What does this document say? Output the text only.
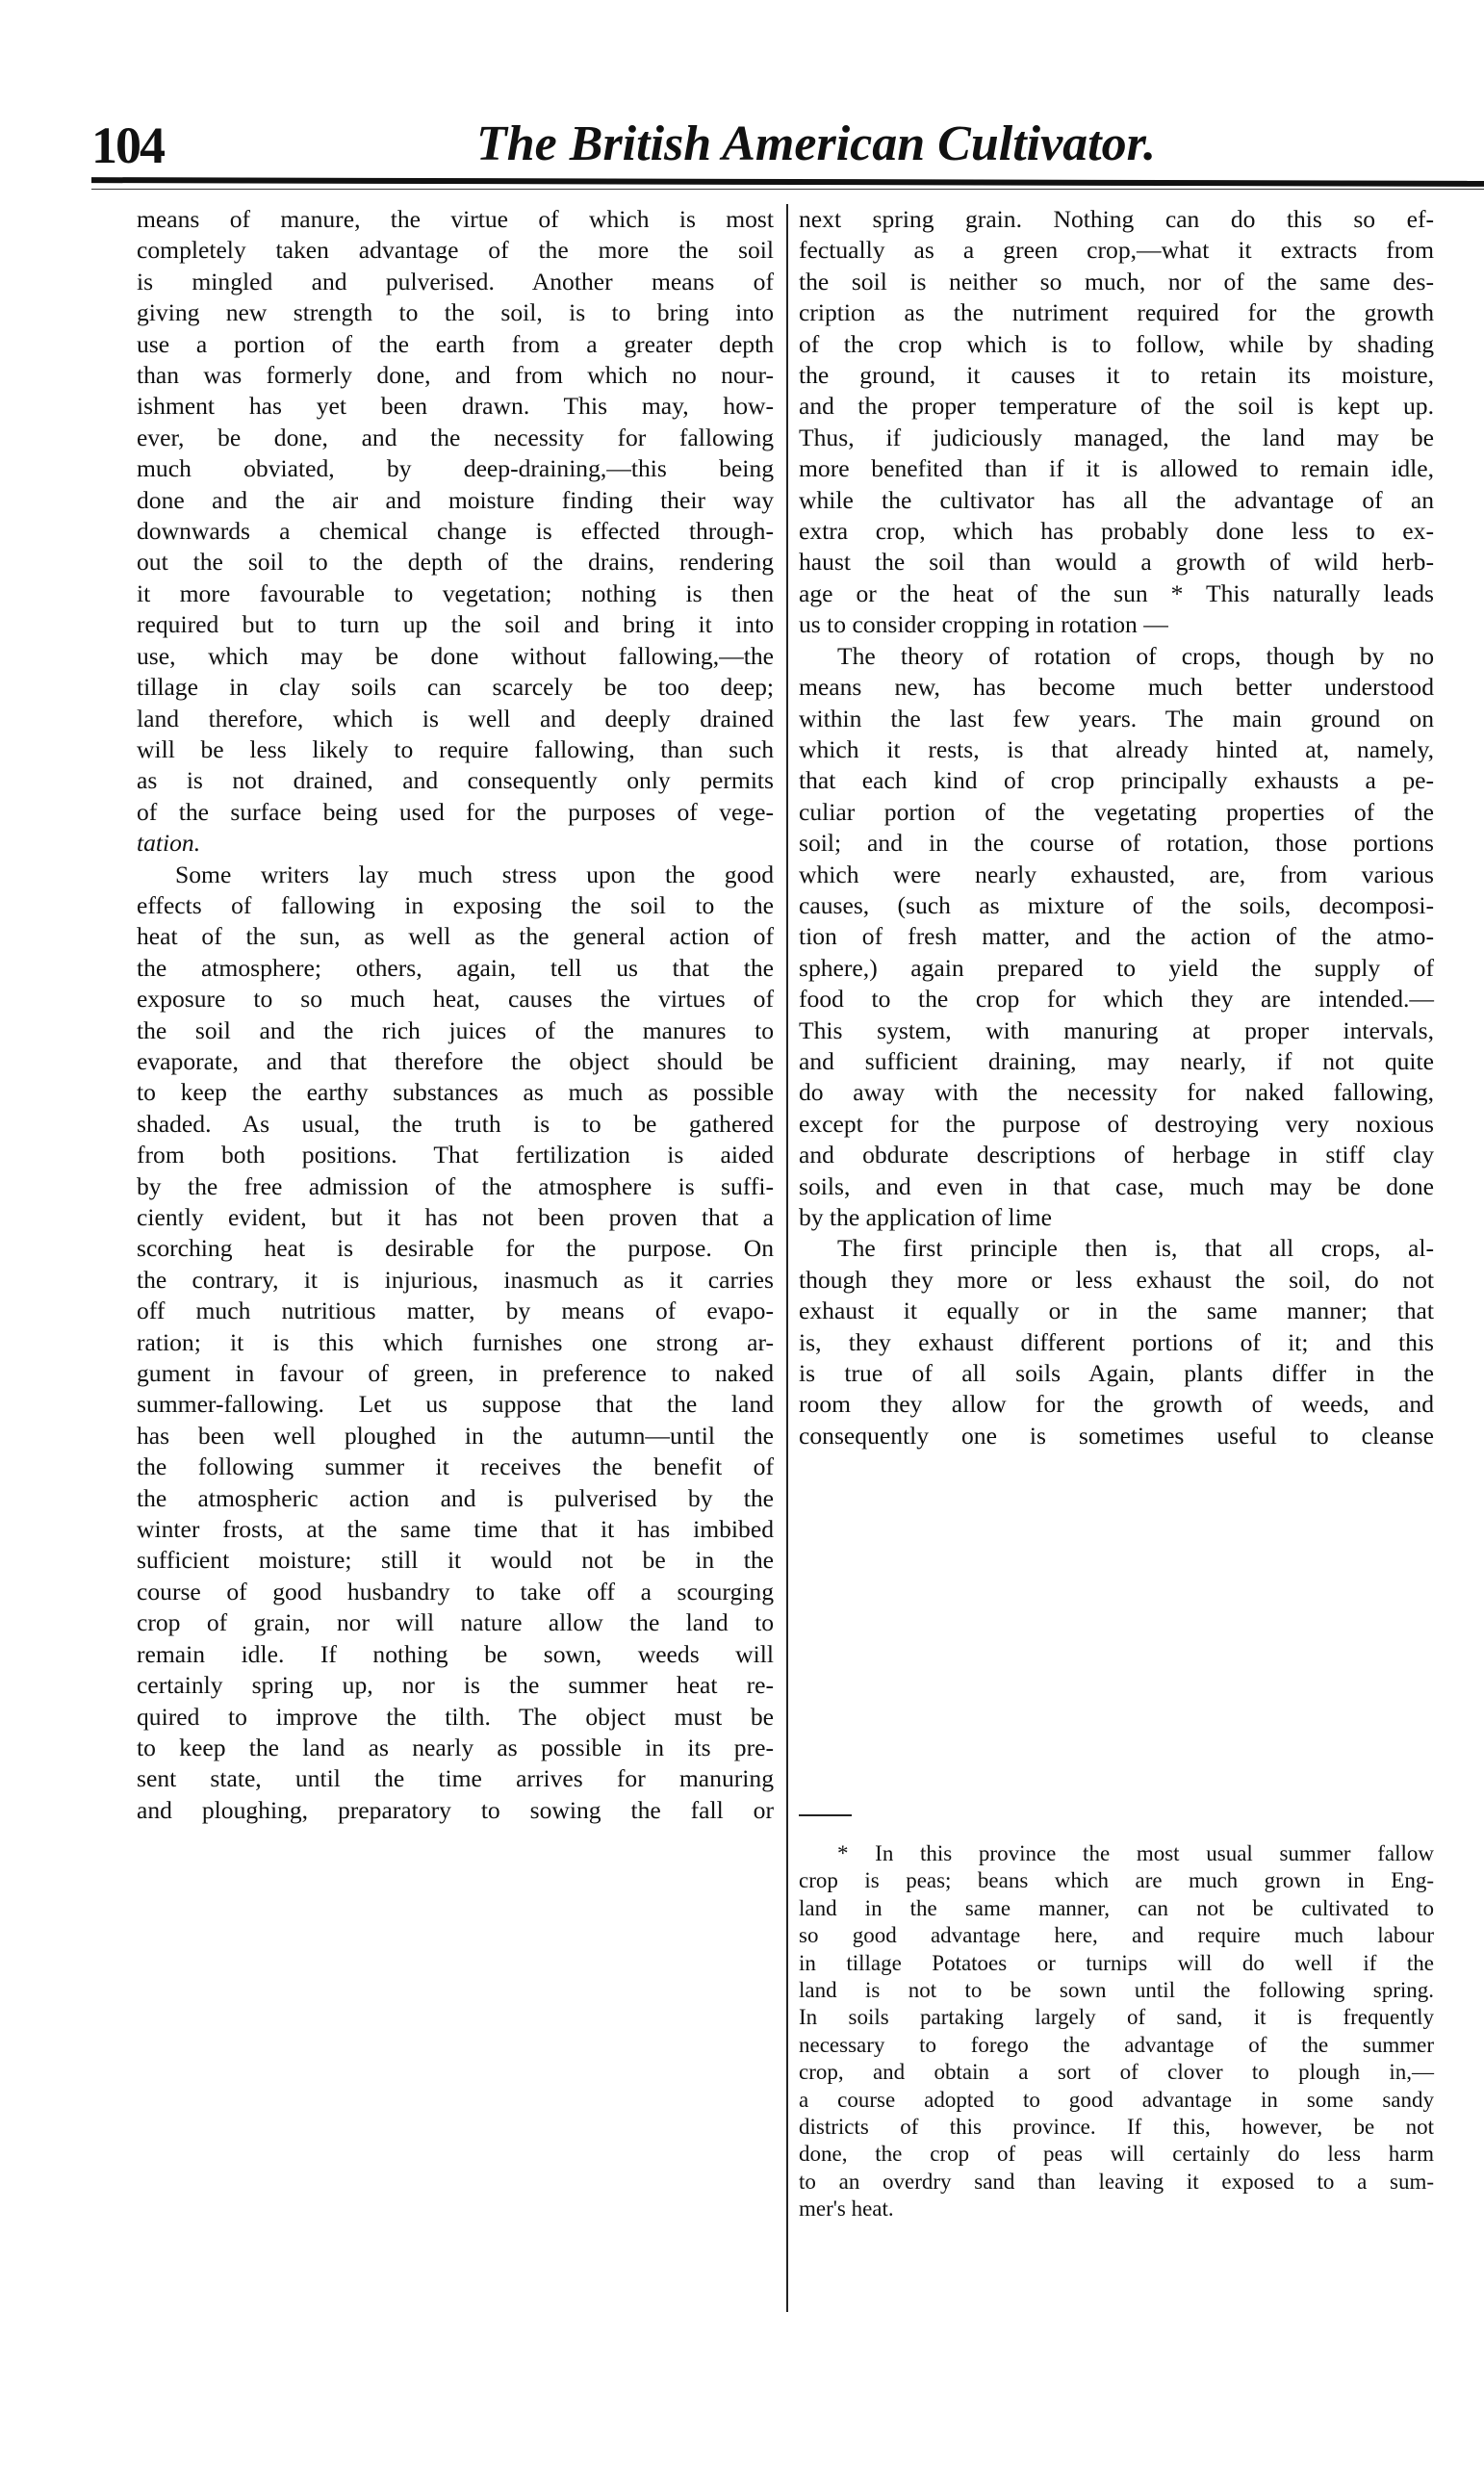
104	The British American Cultivator.
means of manure, the virtue of which is most
completely taken advantage of the more the soil
is mingled and pulverised. Another means of
giving new strength to the soil, is to bring into
use a portion of the earth from a greater depth
than was formerly done, and from which no nour-
ishment has yet been drawn. This may, how-
ever, be done, and the necessity for fallowing
much obviated, by deep-draining,—this being
done and the air and moisture finding their way
downwards a chemical change is effected through-
out the soil to the depth of the drains, rendering
it more favourable to vegetation; nothing is then
required but to turn up the soil and bring it into
use, which may be done without fallowing,—the
tillage in clay soils can scarcely be too deep;
land therefore, which is well and deeply drained
will be less likely to require fallowing, than such
as is not drained, and consequently only permits
of the surface being used for the purposes of vege-
tation.
Some writers lay much stress upon the good
effects of fallowing in exposing the soil to the
heat of the sun, as well as the general action of
the atmosphere; others, again, tell us that the
exposure to so much heat, causes the virtues of
the soil and the rich juices of the manures to
evaporate, and that therefore the object should be
to keep the earthy substances as much as possible
shaded. As usual, the truth is to be gathered
from both positions. That fertilization is aided
by the free admission of the atmosphere is suffi-
ciently evident, but it has not been proven that a
scorching heat is desirable for the purpose. On
the contrary, it is injurious, inasmuch as it carries
off much nutritious matter, by means of evapo-
ration; it is this which furnishes one strong ar-
gument in favour of green, in preference to naked
summer-fallowing. Let us suppose that the land
has been well ploughed in the autumn—until the
the following summer it receives the benefit of
the atmospheric action and is pulverised by the
winter frosts, at the same time that it has imbibed
sufficient moisture; still it would not be in the
course of good husbandry to take off a scourging
crop of grain, nor will nature allow the land to
remain idle. If nothing be sown, weeds will
certainly spring up, nor is the summer heat re-
quired to improve the tilth. The object must be
to keep the land as nearly as possible in its pre-
sent state, until the time arrives for manuring
and ploughing, preparatory to sowing the fall or
next spring grain. Nothing can do this so ef-
fectually as a green crop,—what it extracts from
the soil is neither so much, nor of the same des-
cription as the nutriment required for the growth
of the crop which is to follow, while by shading
the ground, it causes it to retain its moisture,
and the proper temperature of the soil is kept up.
Thus, if judiciously managed, the land may be
more benefited than if it is allowed to remain idle,
while the cultivator has all the advantage of an
extra crop, which has probably done less to ex-
haust the soil than would a growth of wild herb-
age or the heat of the sun * This naturally leads
us to consider cropping in rotation —
The theory of rotation of crops, though by no
means new, has become much better understood
within the last few years. The main ground on
which it rests, is that already hinted at, namely,
that each kind of crop principally exhausts a pe-
culiar portion of the vegetating properties of the
soil; and in the course of rotation, those portions
which were nearly exhausted, are, from various
causes, (such as mixture of the soils, decomposi-
tion of fresh matter, and the action of the atmo-
sphere,) again prepared to yield the supply of
food to the crop for which they are intended.—
This system, with manuring at proper intervals,
and sufficient draining, may nearly, if not quite
do away with the necessity for naked fallowing,
except for the purpose of destroying very noxious
and obdurate descriptions of herbage in stiff clay
soils, and even in that case, much may be done
by the application of lime
The first principle then is, that all crops, al-
though they more or less exhaust the soil, do not
exhaust it equally or in the same manner; that
is, they exhaust different portions of it; and this
is true of all soils Again, plants differ in the
room they allow for the growth of weeds, and
consequently one is sometimes useful to cleanse
* In this province the most usual summer fallow
crop is peas; beans which are much grown in Eng-
land in the same manner, can not be cultivated to
so good advantage here, and require much labour
in tillage Potatoes or turnips will do well if the
land is not to be sown until the following spring.
In soils partaking largely of sand, it is frequently
necessary to forego the advantage of the summer
crop, and obtain a sort of clover to plough in,—
a course adopted to good advantage in some sandy
districts of this province. If this, however, be not
done, the crop of peas will certainly do less harm
to an overdry sand than leaving it exposed to a sum-
mer's heat.
